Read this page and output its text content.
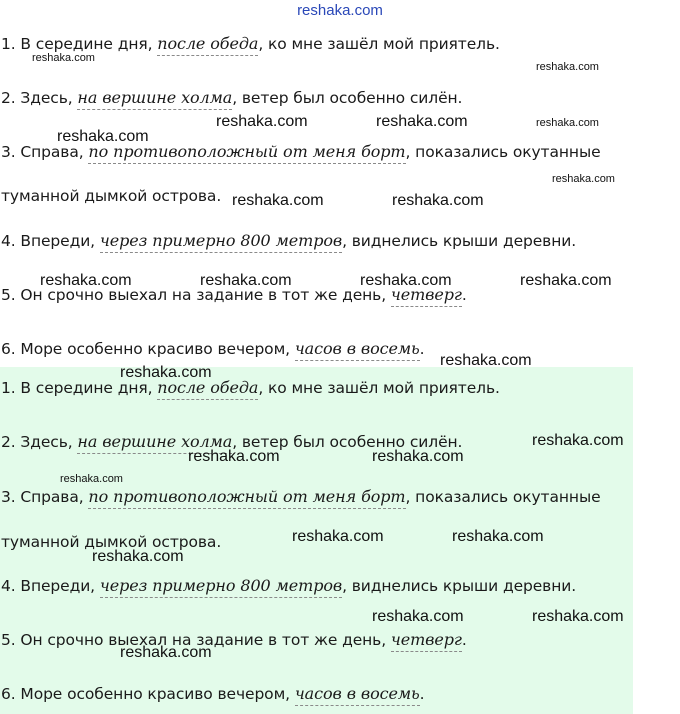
reshaka.com
1. В середине дня, после обеда, ко мне зашёл мой приятель.
2. Здесь, на вершине холма, ветер был особенно силён.
3. Справа, по противоположный от меня борт, показались окутанные
туманной дымкой острова.
4. Впереди, через примерно 800 метров, виднелись крыши деревни.
5. Он срочно выехал на задание в тот же день, четверг.
6. Море особенно красиво вечером, часов в восемь.
1. В середине дня, после обеда, ко мне зашёл мой приятель.
2. Здесь, на вершине холма, ветер был особенно силён.
3. Справа, по противоположный от меня борт, показались окутанные
туманной дымкой острова.
4. Впереди, через примерно 800 метров, виднелись крыши деревни.
5. Он срочно выехал на задание в тот же день, четверг.
6. Море особенно красиво вечером, часов в восемь.
reshaka.com
reshaka.com
reshaka.com	reshaka.com	reshaka.com
reshaka.com
reshaka.com
reshaka.com	reshaka.com
reshaka.com	reshaka.com	reshaka.com	reshaka.com
reshaka.com
reshaka.com
reshaka.com
reshaka.com	reshaka.com
reshaka.com
reshaka.com	reshaka.com
reshaka.com
reshaka.com	reshaka.com
reshaka.com
